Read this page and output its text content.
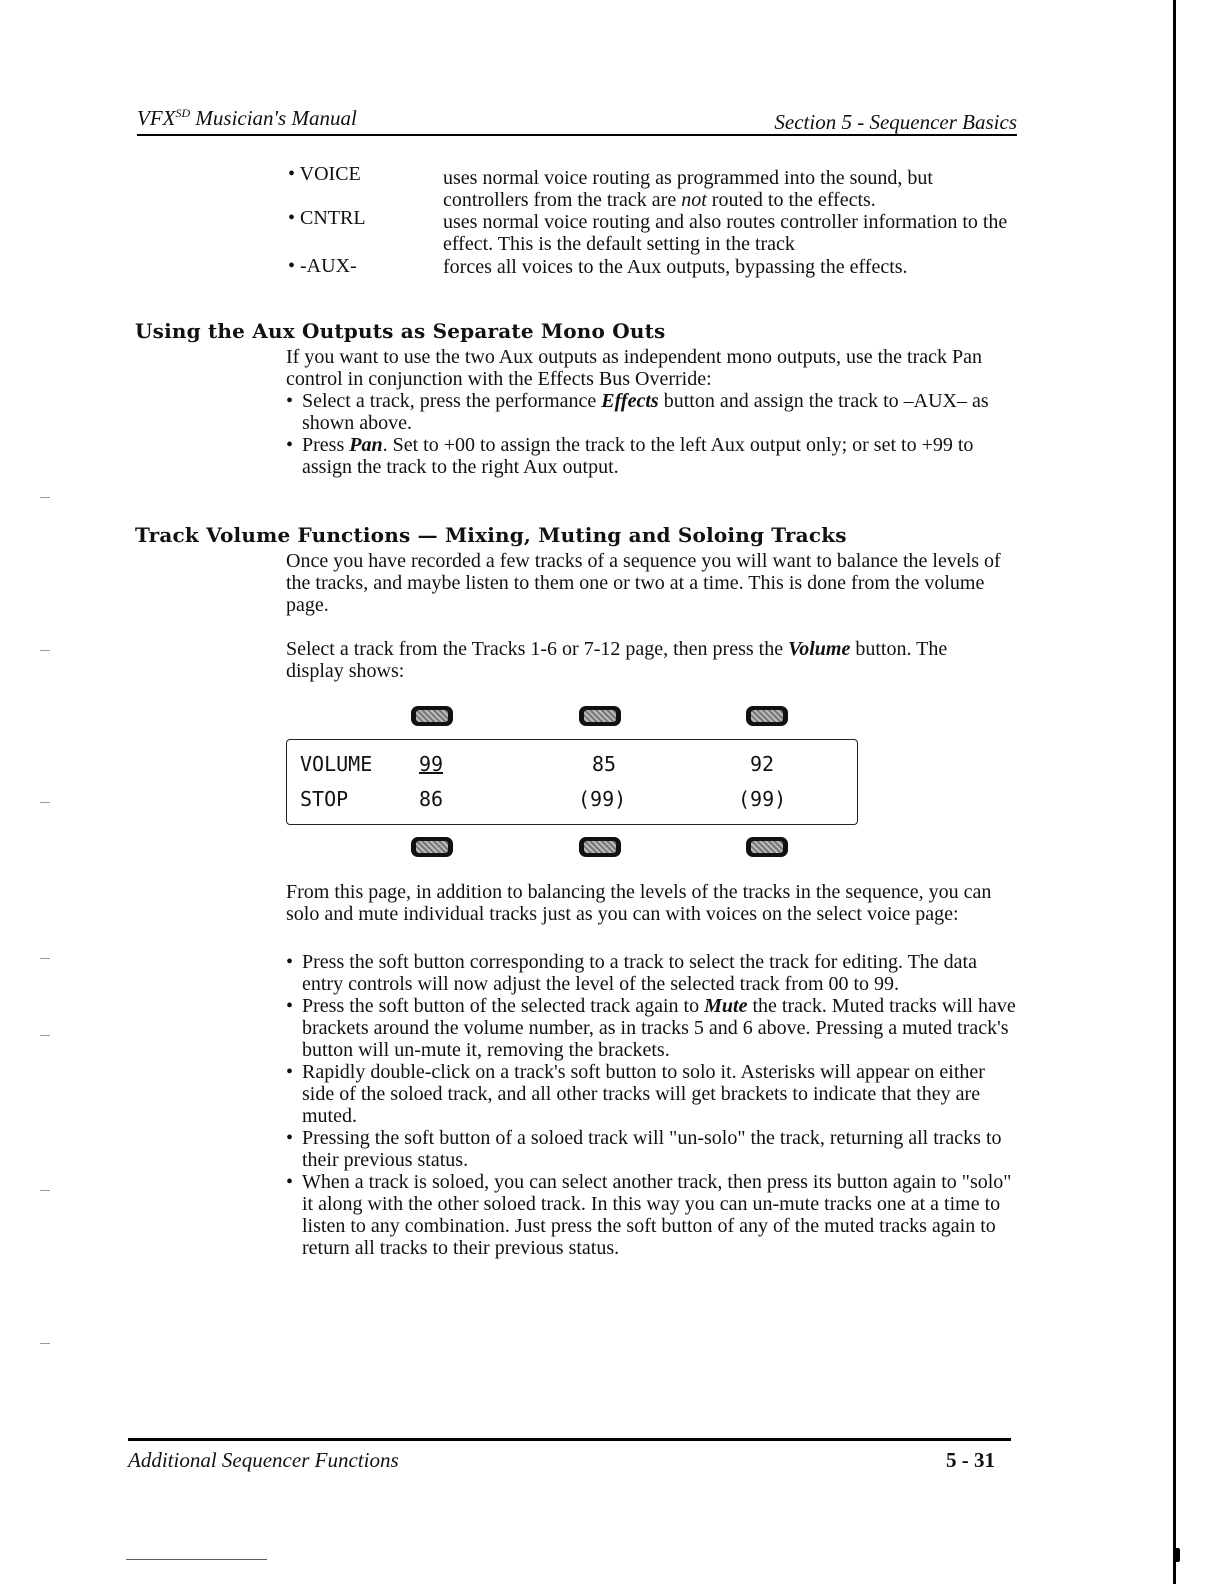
$VFX^{SD}$ Musician's Manual	Section 5 - Sequencer Basics
• VOICE	uses normal voice routing as programmed into the sound, but controllers from the track are not routed to the effects.
• CNTRL	uses normal voice routing and also routes controller information to the effect. This is the default setting in the track
• -AUX-	forces all voices to the Aux outputs, bypassing the effects.
Using the Aux Outputs as Separate Mono Outs
If you want to use the two Aux outputs as independent mono outputs, use the track Pan control in conjunction with the Effects Bus Override:
• Select a track, press the performance Effects button and assign the track to –AUX– as shown above.
• Press Pan. Set to +00 to assign the track to the left Aux output only; or set to +99 to assign the track to the right Aux output.
Track Volume Functions — Mixing, Muting and Soloing Tracks
Once you have recorded a few tracks of a sequence you will want to balance the levels of the tracks, and maybe listen to them one or two at a time. This is done from the volume page.
Select a track from the Tracks 1-6 or 7-12 page, then press the Volume button. The display shows:
VOLUME 99	85	92
STOP	86	(99)	(99)
From this page, in addition to balancing the levels of the tracks in the sequence, you can solo and mute individual tracks just as you can with voices on the select voice page:
• Press the soft button corresponding to a track to select the track for editing. The data entry controls will now adjust the level of the selected track from 00 to 99.
• Press the soft button of the selected track again to Mute the track. Muted tracks will have brackets around the volume number, as in tracks 5 and 6 above. Pressing a muted track's button will un-mute it, removing the brackets.
• Rapidly double-click on a track's soft button to solo it. Asterisks will appear on either side of the soloed track, and all other tracks will get brackets to indicate that they are muted.
• Pressing the soft button of a soloed track will "un-solo" the track, returning all tracks to their previous status.
• When a track is soloed, you can select another track, then press its button again to "solo" it along with the other soloed track. In this way you can un-mute tracks one at a time to listen to any combination. Just press the soft button of any of the muted tracks again to return all tracks to their previous status.
Additional Sequencer Functions	5 - 31
